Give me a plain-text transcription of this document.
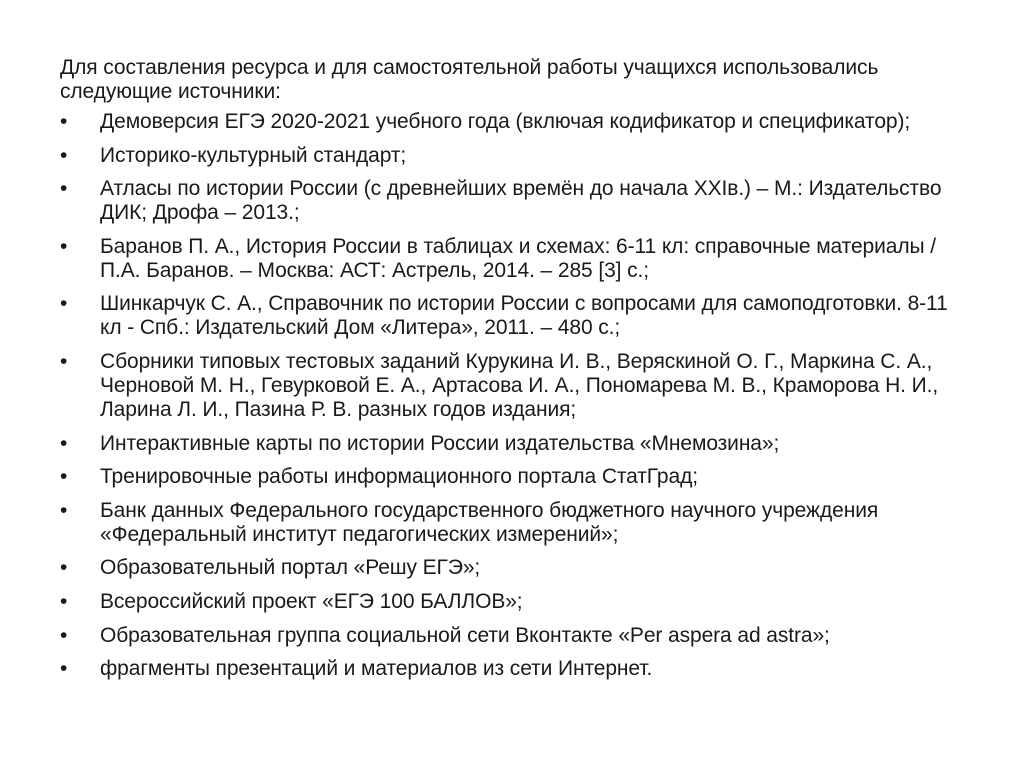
Для составления ресурса и для самостоятельной работы учащихся использовались следующие источники:

•	Демоверсия ЕГЭ 2020-2021 учебного года (включая кодификатор и спецификатор);
•	Историко-культурный стандарт;
•	Атласы по истории России (с древнейших времён до начала XXIв.) – М.: Издательство ДИК; Дрофа – 2013.;
•	Баранов П. А., История России в таблицах и схемах: 6-11 кл: справочные материалы / П.А. Баранов. – Москва: АСТ: Астрель, 2014. – 285 [3] с.;
•	Шинкарчук С. А., Справочник по истории России с вопросами для самоподготовки. 8-11 кл - Спб.: Издательский Дом «Литера», 2011. – 480 с.;
•	Сборники типовых тестовых заданий Курукина И. В., Веряскиной О. Г., Маркина С. А., Черновой М. Н., Гевурковой Е. А., Артасова И. А., Пономарева М. В., Краморова Н. И., Ларина Л. И., Пазина Р. В. разных годов издания;
•	Интерактивные карты по истории России издательства «Мнемозина»;
•	Тренировочные работы информационного портала СтатГрад;
•	Банк данных Федерального государственного бюджетного научного учреждения «Федеральный институт педагогических измерений»;
•	Образовательный портал «Решу ЕГЭ»;
•	Всероссийский проект «ЕГЭ 100 БАЛЛОВ»;
•	Образовательная группа социальной сети Вконтакте «Per aspera ad astra»;
•	фрагменты презентаций и материалов из сети Интернет.
